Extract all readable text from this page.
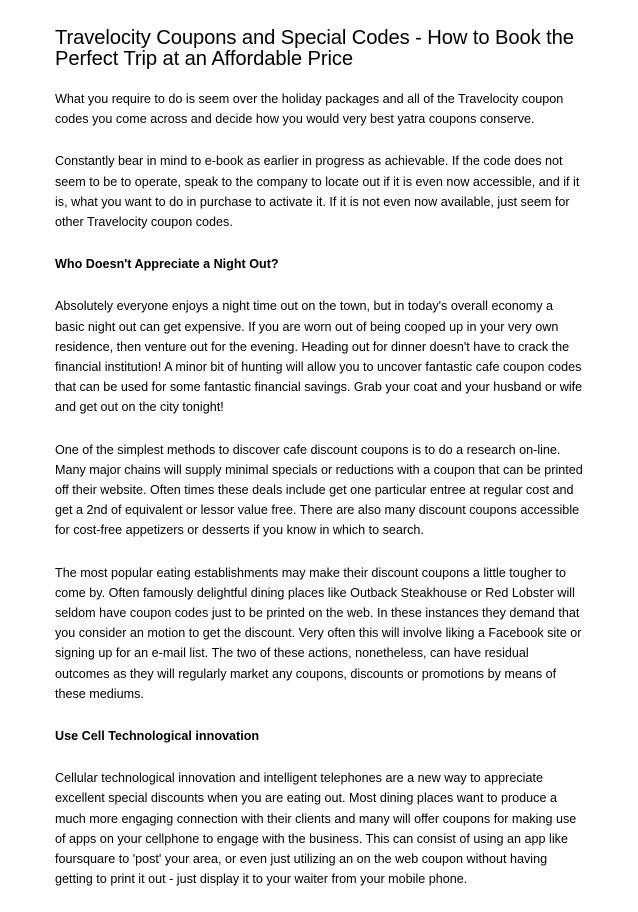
Travelocity Coupons and Special Codes - How to Book the Perfect Trip at an Affordable Price

What you require to do is seem over the holiday packages and all of the Travelocity coupon codes you come across and decide how you would very best yatra coupons conserve.

Constantly bear in mind to e-book as earlier in progress as achievable. If the code does not seem to be to operate, speak to the company to locate out if it is even now accessible, and if it is, what you want to do in purchase to activate it. If it is not even now available, just seem for other Travelocity coupon codes.

Who Doesn't Appreciate a Night Out?

Absolutely everyone enjoys a night time out on the town, but in today's overall economy a basic night out can get expensive. If you are worn out of being cooped up in your very own residence, then venture out for the evening. Heading out for dinner doesn't have to crack the financial institution! A minor bit of hunting will allow you to uncover fantastic cafe coupon codes that can be used for some fantastic financial savings. Grab your coat and your husband or wife and get out on the city tonight!

One of the simplest methods to discover cafe discount coupons is to do a research on-line. Many major chains will supply minimal specials or reductions with a coupon that can be printed off their website. Often times these deals include get one particular entree at regular cost and get a 2nd of equivalent or lessor value free. There are also many discount coupons accessible for cost-free appetizers or desserts if you know in which to search.

The most popular eating establishments may make their discount coupons a little tougher to come by. Often famously delightful dining places like Outback Steakhouse or Red Lobster will seldom have coupon codes just to be printed on the web. In these instances they demand that you consider an motion to get the discount. Very often this will involve liking a Facebook site or signing up for an e-mail list. The two of these actions, nonetheless, can have residual outcomes as they will regularly market any coupons, discounts or promotions by means of these mediums.

Use Cell Technological innovation

Cellular technological innovation and intelligent telephones are a new way to appreciate excellent special discounts when you are eating out. Most dining places want to produce a much more engaging connection with their clients and many will offer coupons for making use of apps on your cellphone to engage with the business. This can consist of using an app like foursquare to 'post' your area, or even just utilizing an on the web coupon without having getting to print it out - just display it to your waiter from your mobile phone.
